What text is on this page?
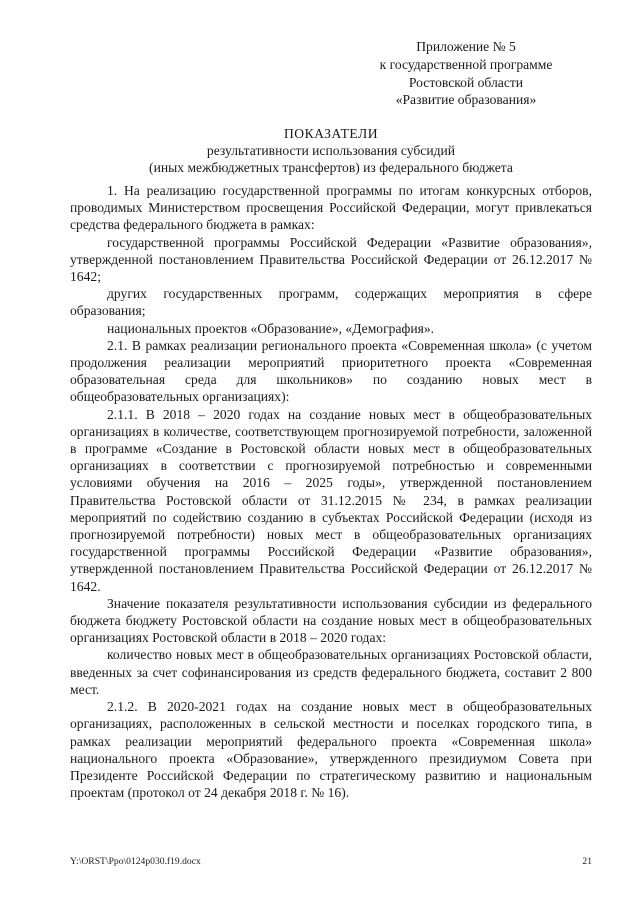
Приложение № 5
к государственной программе
Ростовской области
«Развитие образования»
ПОКАЗАТЕЛИ
результативности использования субсидий
(иных межбюджетных трансфертов) из федерального бюджета

1. На реализацию государственной программы по итогам конкурсных отборов, проводимых Министерством просвещения Российской Федерации, могут привлекаться средства федерального бюджета в рамках:

государственной программы Российской Федерации «Развитие образования», утвержденной постановлением Правительства Российской Федерации от 26.12.2017 № 1642;

других государственных программ, содержащих мероприятия в сфере образования;

национальных проектов «Образование», «Демография».

2.1. В рамках реализации регионального проекта «Современная школа» (с учетом продолжения реализации мероприятий приоритетного проекта «Современная образовательная среда для школьников» по созданию новых мест в общеобразовательных организациях):

2.1.1. В 2018 – 2020 годах на создание новых мест в общеобразовательных организациях в количестве, соответствующем прогнозируемой потребности, заложенной в программе «Создание в Ростовской области новых мест в общеобразовательных организациях в соответствии с прогнозируемой потребностью и современными условиями обучения на 2016 – 2025 годы», утвержденной постановлением Правительства Ростовской области от 31.12.2015 № 234, в рамках реализации мероприятий по содействию созданию в субъектах Российской Федерации (исходя из прогнозируемой потребности) новых мест в общеобразовательных организациях государственной программы Российской Федерации «Развитие образования», утвержденной постановлением Правительства Российской Федерации от 26.12.2017 № 1642.

Значение показателя результативности использования субсидии из федерального бюджета бюджету Ростовской области на создание новых мест в общеобразовательных организациях Ростовской области в 2018 – 2020 годах:

количество новых мест в общеобразовательных организациях Ростовской области, введенных за счет софинансирования из средств федерального бюджета, составит 2 800 мест.

2.1.2. В 2020-2021 годах на создание новых мест в общеобразовательных организациях, расположенных в сельской местности и поселках городского типа, в рамках реализации мероприятий федерального проекта «Современная школа» национального проекта «Образование», утвержденного президиумом Совета при Президенте Российской Федерации по стратегическому развитию и национальным проектам (протокол от 24 декабря 2018 г. № 16).

Y:\ORST\Ppo\0124p030.f19.docx	21
